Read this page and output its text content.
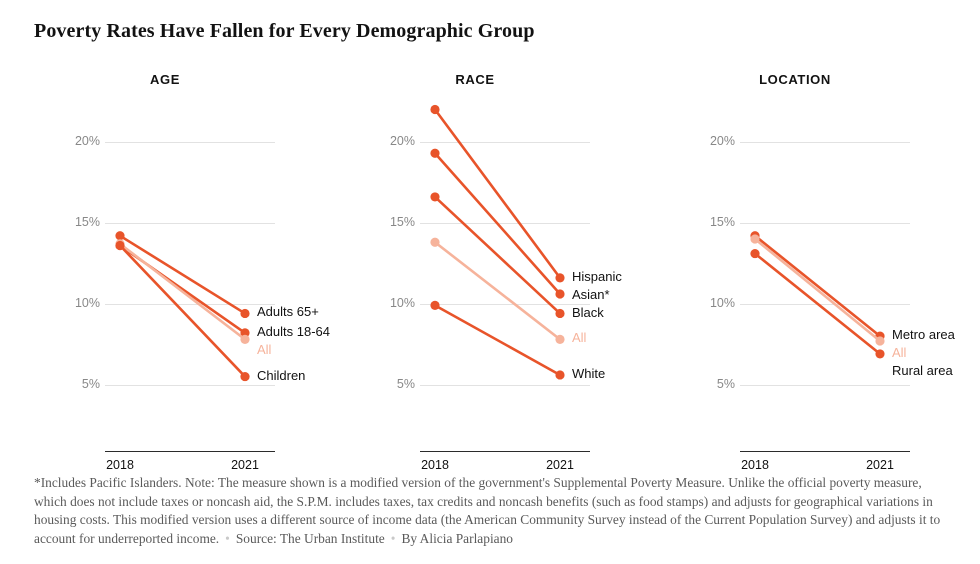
Poverty Rates Have Fallen for Every Demographic Group
AGE
5%
10%
15%
20%
2018	2021
Adults 65+
Adults 18-64
All
Children
RACE
5%
10%
15%
20%
2018	2021
Hispanic
Asian*
Black
All
White
LOCATION
5%
10%
15%
20%
2018	2021
Metro area
All
Rural area
*Includes Pacific Islanders. Note: The measure shown is a modified version of the government's Supplemental Poverty Measure. Unlike the official poverty measure, which does not include taxes or noncash aid, the S.P.M. includes taxes, tax credits and noncash benefits (such as food stamps) and adjusts for geographical variations in housing costs. This modified version uses a different source of income data (the American Community Survey instead of the Current Population Survey) and adjusts it to account for underreported income. • Source: The Urban Institute • By Alicia Parlapiano
